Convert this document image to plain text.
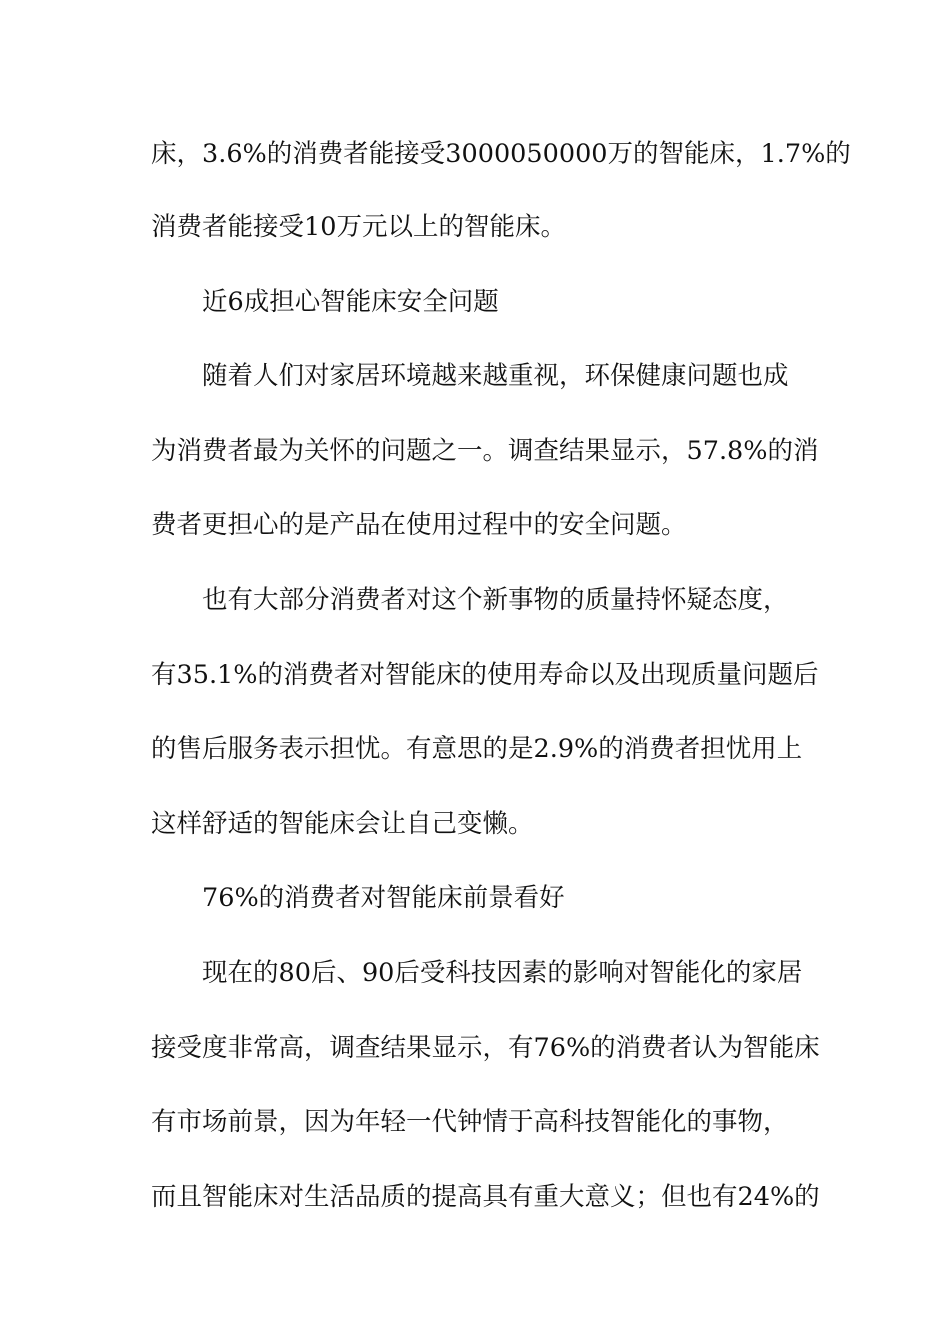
床，3.6%的消费者能接受3000050000万的智能床，1.7%的
消费者能接受10万元以上的智能床。
近6成担心智能床安全问题
随着人们对家居环境越来越重视，环保健康问题也成
为消费者最为关怀的问题之一。调查结果显示，57.8%的消
费者更担心的是产品在使用过程中的安全问题。
也有大部分消费者对这个新事物的质量持怀疑态度，
有35.1%的消费者对智能床的使用寿命以及出现质量问题后
的售后服务表示担忧。有意思的是2.9%的消费者担忧用上
这样舒适的智能床会让自己变懒。
76%的消费者对智能床前景看好
现在的80后、90后受科技因素的影响对智能化的家居
接受度非常高，调查结果显示，有76%的消费者认为智能床
有市场前景，因为年轻一代钟情于高科技智能化的事物，
而且智能床对生活品质的提高具有重大意义；但也有24%的
